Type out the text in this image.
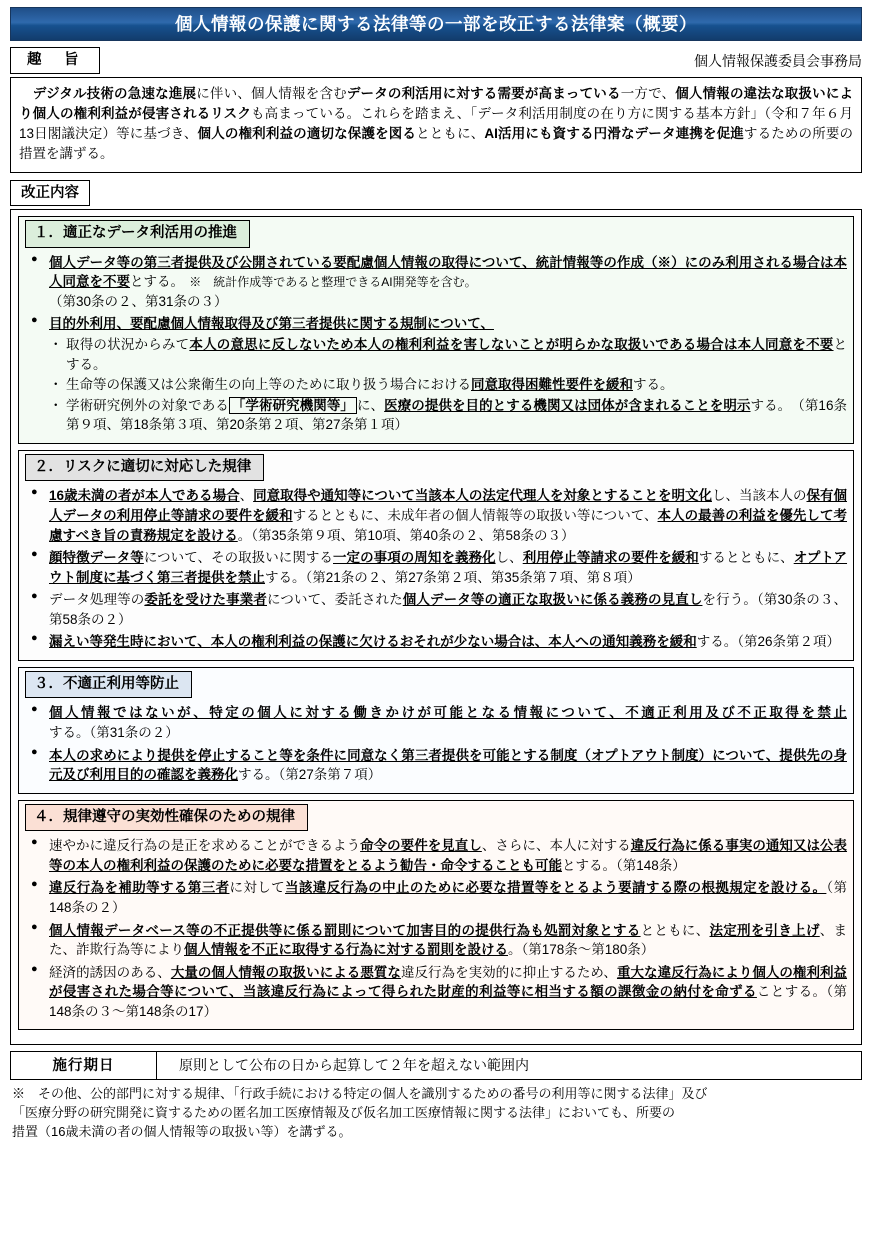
個人情報の保護に関する法律等の一部を改正する法律案（概要）
趣　旨	個人情報保護委員会事務局
　デジタル技術の急速な進展に伴い、個人情報を含むデータの利活用に対する需要が高まっている一方で、個人情報の違法な取扱いにより個人の権利利益が侵害されるリスクも高まっている。これらを踏まえ、「データ利活用制度の在り方に関する基本方針」（令和７年６月13日閣議決定）等に基づき、個人の権利利益の適切な保護を図るとともに、AI活用にも資する円滑なデータ連携を促進するための所要の措置を講ずる。
改正内容
１．適正なデータ利活用の推進
● 個人データ等の第三者提供及び公開されている要配慮個人情報の取得について、統計情報等の作成（※）にのみ利用される場合は本人同意を不要とする。　※　統計作成等であると整理できるAI開発等を含む。
（第30条の２、第31条の３）
● 目的外利用、要配慮個人情報取得及び第三者提供に関する規制について、
・ 取得の状況からみて本人の意思に反しないため本人の権利利益を害しないことが明らかな取扱いである場合は本人同意を不要とする。
・ 生命等の保護又は公衆衛生の向上等のために取り扱う場合における同意取得困難性要件を緩和する。
・ 学術研究例外の対象である 「学術研究機関等」 に、医療の提供を目的とする機関又は団体が含まれることを明示する。　（第16条第９項、第18条第３項、第20条第２項、第27条第１項）
２．リスクに適切に対応した規律
● 16歳未満の者が本人である場合、同意取得や通知等について当該本人の法定代理人を対象とすることを明文化し、当該本人の保有個人データの利用停止等請求の要件を緩和するとともに、未成年者の個人情報等の取扱い等について、本人の最善の利益を優先して考慮すべき旨の責務規定を設ける。（第35条第９項、第10項、第40条の２、第58条の３）
● 顔特徴データ等について、その取扱いに関する一定の事項の周知を義務化し、利用停止等請求の要件を緩和するとともに、オプトアウト制度に基づく第三者提供を禁止する。（第21条の２、第27条第２項、第35条第７項、第８項）
● データ処理等の委託を受けた事業者について、委託された個人データ等の適正な取扱いに係る義務の見直しを行う。（第30条の３、第58条の２）
● 漏えい等発生時において、本人の権利利益の保護に欠けるおそれが少ない場合は、本人への通知義務を緩和する。（第26条第２項）
３．不適正利用等防止
● 個人情報ではないが、特定の個人に対する働きかけが可能となる情報について、不適正利用及び不正取得を禁止する。（第31条の２）
● 本人の求めにより提供を停止すること等を条件に同意なく第三者提供を可能とする制度（オプトアウト制度）について、提供先の身元及び利用目的の確認を義務化する。（第27条第７項）
４．規律遵守の実効性確保のための規律
● 速やかに違反行為の是正を求めることができるよう命令の要件を見直し、さらに、本人に対する違反行為に係る事実の通知又は公表等の本人の権利利益の保護のために必要な措置をとるよう勧告・命令することも可能とする。（第148条）
● 違反行為を補助等する第三者に対して当該違反行為の中止のために必要な措置等をとるよう要請する際の根拠規定を設ける。（第148条の２）
● 個人情報データベース等の不正提供等に係る罰則について加害目的の提供行為も処罰対象とするとともに、法定刑を引き上げ、また、詐欺行為等により個人情報を不正に取得する行為に対する罰則を設ける。（第178条～第180条）
● 経済的誘因のある、大量の個人情報の取扱いによる悪質な違反行為を実効的に抑止するため、重大な違反行為により個人の権利利益が侵害された場合等について、当該違反行為によって得られた財産的利益等に相当する額の課徴金の納付を命ずることする。（第148条の３～第148条の17）
施行期日	原則として公布の日から起算して２年を超えない範囲内
※　その他、公的部門に対する規律、「行政手続における特定の個人を識別するための番号の利用等に関する法律」及び
「医療分野の研究開発に資するための匿名加工医療情報及び仮名加工医療情報に関する法律」においても、所要の
措置（16歳未満の者の個人情報等の取扱い等）を講ずる。
